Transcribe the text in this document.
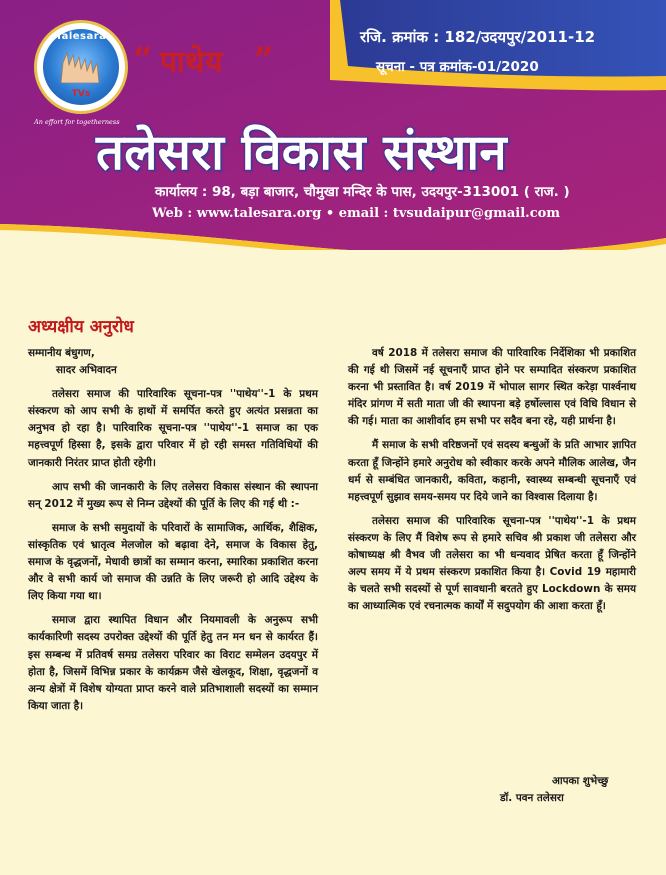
Talesara
TVs
An effort for togetherness
“ पाथेय ”
रजि. क्रमांक : 182/उदयपुर/2011-12
सूचना - पत्र क्रमांक-01/2020
तलेसरा विकास संस्थान
कार्यालय : 98, बड़ा बाजार, चौमुखा मन्दिर के पास, उदयपुर-313001 ( राज. )
Web : www.talesara.org • email : tvsudaipur@gmail.com
अध्यक्षीय अनुरोध
सम्मानीय बंधुगण,
सादर अभिवादन

तलेसरा समाज की पारिवारिक सूचना-पत्र ''पाथेय''-1 के प्रथम संस्करण को आप सभी के हाथों में समर्पित करते हुए अत्यंत प्रसन्नता का अनुभव हो रहा है। पारिवारिक सूचना-पत्र ''पाथेय''-1 समाज का एक महत्त्वपूर्ण हिस्सा है, इसके द्वारा परिवार में हो रही समस्त गतिविधियों की जानकारी निरंतर प्राप्त होती रहेगी।

आप सभी की जानकारी के लिए तलेसरा विकास संस्थान की स्थापना सन् 2012 में मुख्य रूप से निम्न उद्देश्यों की पूर्ति के लिए की गई थी :-

समाज के सभी समुदायों के परिवारों के सामाजिक, आर्थिक, शैक्षिक, सांस्कृतिक एवं भ्रातृत्व मेलजोल को बढ़ावा देने, समाज के विकास हेतु, समाज के वृद्धजनों, मेधावी छात्रों का सम्मान करना, स्मारिका प्रकाशित करना और वे सभी कार्य जो समाज की उन्नति के लिए जरूरी हो आदि उद्देश्य के लिए किया गया था।

समाज द्वारा स्थापित विधान और नियमावली के अनुरूप सभी कार्यकारिणी सदस्य उपरोक्त उद्देश्यों की पूर्ति हेतु तन मन धन से कार्यरत हैं। इस सम्बन्ध में प्रतिवर्ष समग्र तलेसरा परिवार का विराट सम्मेलन उदयपुर में होता है, जिसमें विभिन्न प्रकार के कार्यक्रम जैसे खेलकूद, शिक्षा, वृद्धजनों व अन्य क्षेत्रों में विशेष योग्यता प्राप्त करने वाले प्रतिभाशाली सदस्यों का सम्मान किया जाता है।

वर्ष 2018 में तलेसरा समाज की पारिवारिक निर्देशिका भी प्रकाशित की गई थी जिसमें नई सूचनाएँ प्राप्त होने पर सम्पादित संस्करण प्रकाशित करना भी प्रस्तावित है। वर्ष 2019 में भोपाल सागर स्थित करेड़ा पार्श्वनाथ मंदिर प्रांगण में सती माता जी की स्थापना बड़े हर्षोल्लास एवं विधि विधान से की गई। माता का आशीर्वाद हम सभी पर सदैव बना रहे, यही प्रार्थना है।

मैं समाज के सभी वरिष्ठजनों एवं सदस्य बन्धुओं के प्रति आभार ज्ञापित करता हूँ जिन्होंने हमारे अनुरोध को स्वीकार करके अपने मौलिक आलेख, जैन धर्म से सम्बंधित जानकारी, कविता, कहानी, स्वास्थ्य सम्बन्धी सूचनाएँ एवं महत्त्वपूर्ण सुझाव समय-समय पर दिये जाने का विश्वास दिलाया है।

तलेसरा समाज की पारिवारिक सूचना-पत्र ''पाथेय''-1 के प्रथम संस्करण के लिए मैं विशेष रूप से हमारे सचिव श्री प्रकाश जी तलेसरा और कोषाध्यक्ष श्री वैभव जी तलेसरा का भी धन्यवाद प्रेषित करता हूँ जिन्होंने अल्प समय में ये प्रथम संस्करण प्रकाशित किया है। Covid 19 महामारी के चलते सभी सदस्यों से पूर्ण सावधानी बरतते हुए Lockdown के समय का आध्यात्मिक एवं रचनात्मक कार्यों में सदुपयोग की आशा करता हूँ।

आपका शुभेच्छु
डॉ. पवन तलेसरा
